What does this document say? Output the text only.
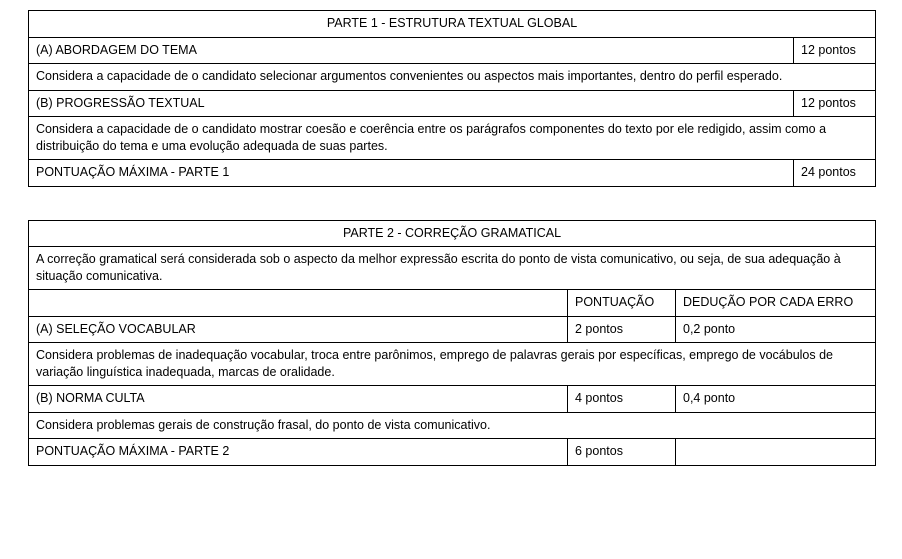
PARTE 1 - ESTRUTURA TEXTUAL GLOBAL	
(A) ABORDAGEM DO TEMA	12 pontos
Considera a capacidade de o candidato selecionar argumentos convenientes ou aspectos mais importantes, dentro do perfil esperado.	
(B) PROGRESSÃO TEXTUAL	12 pontos
Considera a capacidade de o candidato mostrar coesão e coerência entre os parágrafos componentes do texto por ele redigido, assim como a distribuição do tema e uma evolução adequada de suas partes.	
PONTUAÇÃO MÁXIMA - PARTE 1	24 pontos
PARTE 2 - CORREÇÃO GRAMATICAL		
A correção gramatical será considerada sob o aspecto da melhor expressão escrita do ponto de vista comunicativo, ou seja, de sua adequação à situação comunicativa.		
	PONTUAÇÃO	DEDUÇÃO POR CADA ERRO
(A) SELEÇÃO VOCABULAR	2 pontos	0,2 ponto
Considera problemas de inadequação vocabular, troca entre parônimos, emprego de palavras gerais por específicas, emprego de vocábulos de variação linguística inadequada, marcas de oralidade.		
(B) NORMA CULTA	4 pontos	0,4 ponto
Considera problemas gerais de construção frasal, do ponto de vista comunicativo.		
PONTUAÇÃO MÁXIMA - PARTE 2	6 pontos	
